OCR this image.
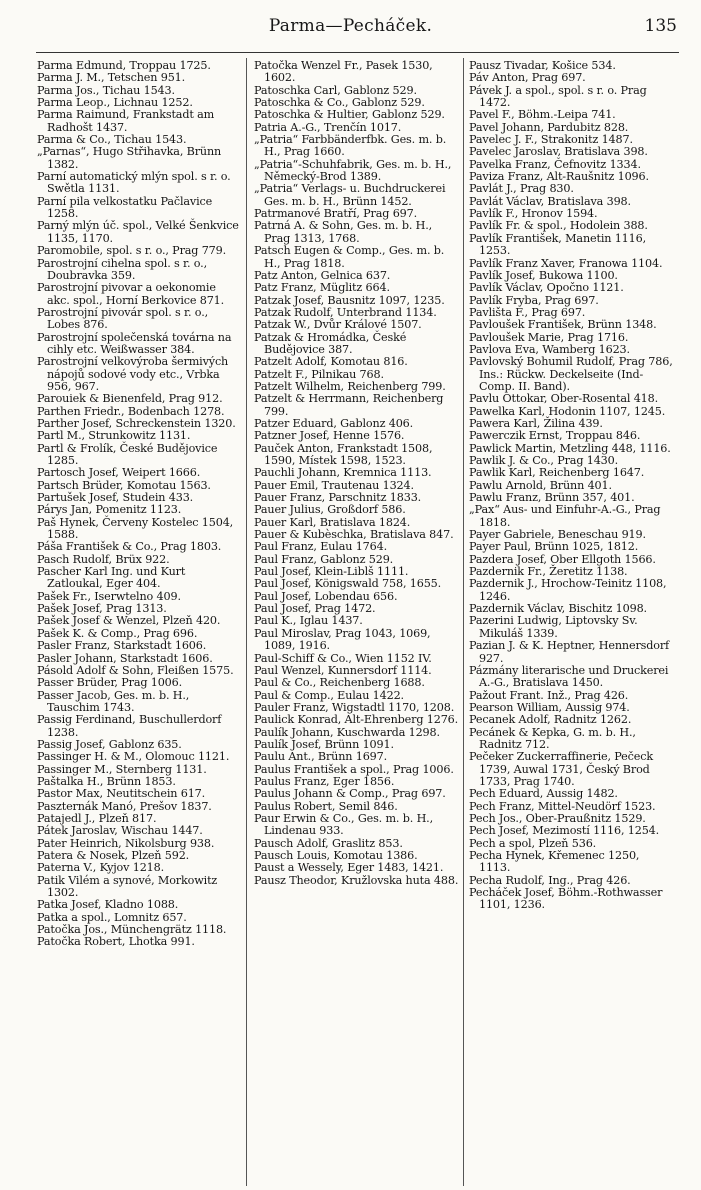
Parma—Pecháček.	135

Parma Edmund, Troppau 1725.

Parma J. M., Tetschen 951.

Parma Jos., Tichau 1543.

Parma Leop., Lichnau 1252.

Parma Raimund, Frankstadt am Radhošt 1437.

Parma & Co., Tichau 1543.

„Parnas“, Hugo Střihavka, Brünn 1382.

Parní automatický mlýn spol. s r. o. Swětla 1131.

Parní pila velkostatku Pačlavice 1258.

Parný mlýn úč. spol., Velké Šenkvice 1135, 1170.

Paromobile, spol. s r. o., Prag 779.

Parostrojní cihelna spol. s r. o., Doubravka 359.

Parostrojní pivovar a oekonomie akc. spol., Horní Berkovice 871.

Parostrojní pivovár spol. s r. o., Lobes 876.

Parostrojní společenská továrna na cihly etc. Weißwasser 384.

Parostrojní velkovýroba šermivých nápojů sodové vody etc., Vrbka 956, 967.

Parouiek & Bienenfeld, Prag 912.

Parthen Friedr., Bodenbach 1278.

Parther Josef, Schreckenstein 1320.

Partl M., Strunkowitz 1131.

Partl & Frolík, České Budějovice 1285.

Partosch Josef, Weipert 1666.

Partsch Brüder, Komotau 1563.

Partušek Josef, Studein 433.

Párys Jan, Pomenitz 1123.

Paš Hynek, Červeny Kostelec 1504, 1588.

Páša František & Co., Prag 1803.

Pasch Rudolf, Brüx 922.

Pascher Karl Ing. und Kurt Zatloukal, Eger 404.

Pašek Fr., Iserwtelno 409.

Pašek Josef, Prag 1313.

Pašek Josef & Wenzel, Plzeň 420.

Pašek K. & Comp., Prag 696.

Pasler Franz, Starkstadt 1606.

Pasler Johann, Starkstadt 1606.

Pásold Adolf & Sohn, Fleißen 1575.

Passer Brüder, Prag 1006.

Passer Jacob, Ges. m. b. H., Tauschim 1743.

Passig Ferdinand, Buschullerdorf 1238.

Passig Josef, Gablonz 635.

Passinger H. & M., Olomouc 1121.

Passinger M., Sternberg 1131.

Paštalka H., Brünn 1853.

Pastor Max, Neutitschein 617.

Paszternák Manó, Prešov 1837.

Patajedl J., Plzeň 817.

Pátek Jaroslav, Wischau 1447.

Pater Heinrich, Nikolsburg 938.

Patera & Nosek, Plzeň 592.

Paterna V., Kyjov 1218.

Patik Vilém a synové, Morkowitz 1302.

Patka Josef, Kladno 1088.

Patka a spol., Lomnitz 657.

Patočka Jos., Münchengrätz 1118.

Patočka Robert, Lhotka 991.

Patočka Wenzel Fr., Pasek 1530, 1602.

Patoschka Carl, Gablonz 529.

Patoschka & Co., Gablonz 529.

Patoschka & Hultier, Gablonz 529.

Patria A.-G., Trenčín 1017.

„Patria“ Farbbänderfbk. Ges. m. b. H., Prag 1660.

„Patria“-Schuhfabrik, Ges. m. b. H., Německý-Brod 1389.

„Patria“ Verlags- u. Buchdruckerei Ges. m. b. H., Brünn 1452.

Patrmanové Bratří, Prag 697.

Patrná A. & Sohn, Ges. m. b. H., Prag 1313, 1768.

Patsch Eugen & Comp., Ges. m. b. H., Prag 1818.

Patz Anton, Gelnica 637.

Patz Franz, Müglitz 664.

Patzak Josef, Bausnitz 1097, 1235.

Patzak Rudolf, Unterbrand 1134.

Patzak W., Dvůr Králové 1507.

Patzak & Hromádka, České Budějovice 387.

Patzelt Adolf, Komotau 816.

Patzelt F., Pilnikau 768.

Patzelt Wilhelm, Reichenberg 799.

Patzelt & Herrmann, Reichenberg 799.

Patzer Eduard, Gablonz 406.

Patzner Josef, Henne 1576.

Pauček Anton, Frankstadt 1508, 1590, Místek 1598, 1523.

Pauchli Johann, Kremnica 1113.

Pauer Emil, Trautenau 1324.

Pauer Franz, Parschnitz 1833.

Pauer Julius, Großdorf 586.

Pauer Karl, Bratislava 1824.

Pauer & Kubèschka, Bratislava 847.

Paul Franz, Eulau 1764.

Paul Franz, Gablonz 529.

Paul Josef, Klein-Liblš 1111.

Paul Josef, Königswald 758, 1655.

Paul Josef, Lobendau 656.

Paul Josef, Prag 1472.

Paul K., Iglau 1437.

Paul Miroslav, Prag 1043, 1069, 1089, 1916.

Paul-Schiff & Co., Wien 1152 IV.

Paul Wenzel, Kunnersdorf 1114.

Paul & Co., Reichenberg 1688.

Paul & Comp., Eulau 1422.

Pauler Franz, Wigstadtl 1170, 1208.

Paulick Konrad, Alt-Ehrenberg 1276.

Paulík Johann, Kuschwarda 1298.

Paulík Josef, Brünn 1091.

Paulu Ant., Brünn 1697.

Paulus František a spol., Prag 1006.

Paulus Franz, Eger 1856.

Paulus Johann & Comp., Prag 697.

Paulus Robert, Semil 846.

Paur Erwin & Co., Ges. m. b. H., Lindenau 933.

Pausch Adolf, Graslitz 853.

Pausch Louis, Komotau 1386.

Paust a Wessely, Eger 1483, 1421.

Pausz Theodor, Kružlovska huta 488.

Pausz Tivadar, Košice 534.

Páv Anton, Prag 697.

Pávek J. a spol., spol. s r. o. Prag 1472.

Pavel F., Böhm.-Leipa 741.

Pavel Johann, Pardubitz 828.

Pavelec J. F., Strakonitz 1487.

Pavelec Jaroslav, Bratislava 398.

Pavelka Franz, Čefnovitz 1334.

Paviza Franz, Alt-Raušnitz 1096.

Pavlát J., Prag 830.

Pavlát Václav, Bratislava 398.

Pavlík F., Hronov 1594.

Pavlík Fr. & spol., Hodolein 388.

Pavlík František, Manetin 1116, 1253.

Pavlík Franz Xaver, Franowa 1104.

Pavlík Josef, Bukowa 1100.

Pavlík Václav, Opočno 1121.

Pavlík Fryba, Prag 697.

Pavlišta F., Prag 697.

Pavloušek František, Brünn 1348.

Pavloušek Marie, Prag 1716.

Pavlova Eva, Wamberg 1623.

Pavlovský Bohumil Rudolf, Prag 786, Ins.: Rückw. Deckelseite (Ind-Comp. II. Band).

Pavlu Ottokar, Ober-Rosental 418.

Pawelka Karl, Hodonin 1107, 1245.

Pawera Karl, Žilina 439.

Pawerczik Ernst, Troppau 846.

Pawlick Martin, Metzling 448, 1116.

Pawlik J. & Co., Prag 1430.

Pawlik Karl, Reichenberg 1647.

Pawlu Arnold, Brünn 401.

Pawlu Franz, Brünn 357, 401.

„Pax“ Aus- und Einfuhr-A.-G., Prag 1818.

Payer Gabriele, Beneschau 919.

Payer Paul, Brünn 1025, 1812.

Pazdera Josef, Ober Ellgoth 1566.

Pazdernik Fr., Žeretitz 1138.

Pazdernik J., Hrochow-Teinitz 1108, 1246.

Pazdernik Václav, Bischitz 1098.

Pazerini Ludwig, Liptovsky Sv. Mikuláš 1339.

Pazian J. & K. Heptner, Hennersdorf 927.

Pázmány literarische und Druckerei A.-G., Bratislava 1450.

Pažout Frant. Inž., Prag 426.

Pearson William, Aussig 974.

Pecanek Adolf, Radnitz 1262.

Pecánek & Kepka, G. m. b. H., Radnitz 712.

Pečeker Zuckerraffinerie, Pečeck 1739, Auwal 1731, Český Brod 1733, Prag 1740.

Pech Eduard, Aussig 1482.

Pech Franz, Mittel-Neudörf 1523.

Pech Jos., Ober-Praußnitz 1529.

Pech Josef, Mezimostí 1116, 1254.

Pech a spol, Plzeň 536.

Pecha Hynek, Křemenec 1250, 1113.

Pecha Rudolf, Ing., Prag 426.

Pecháček Josef, Böhm.-Rothwasser 1101, 1236.
